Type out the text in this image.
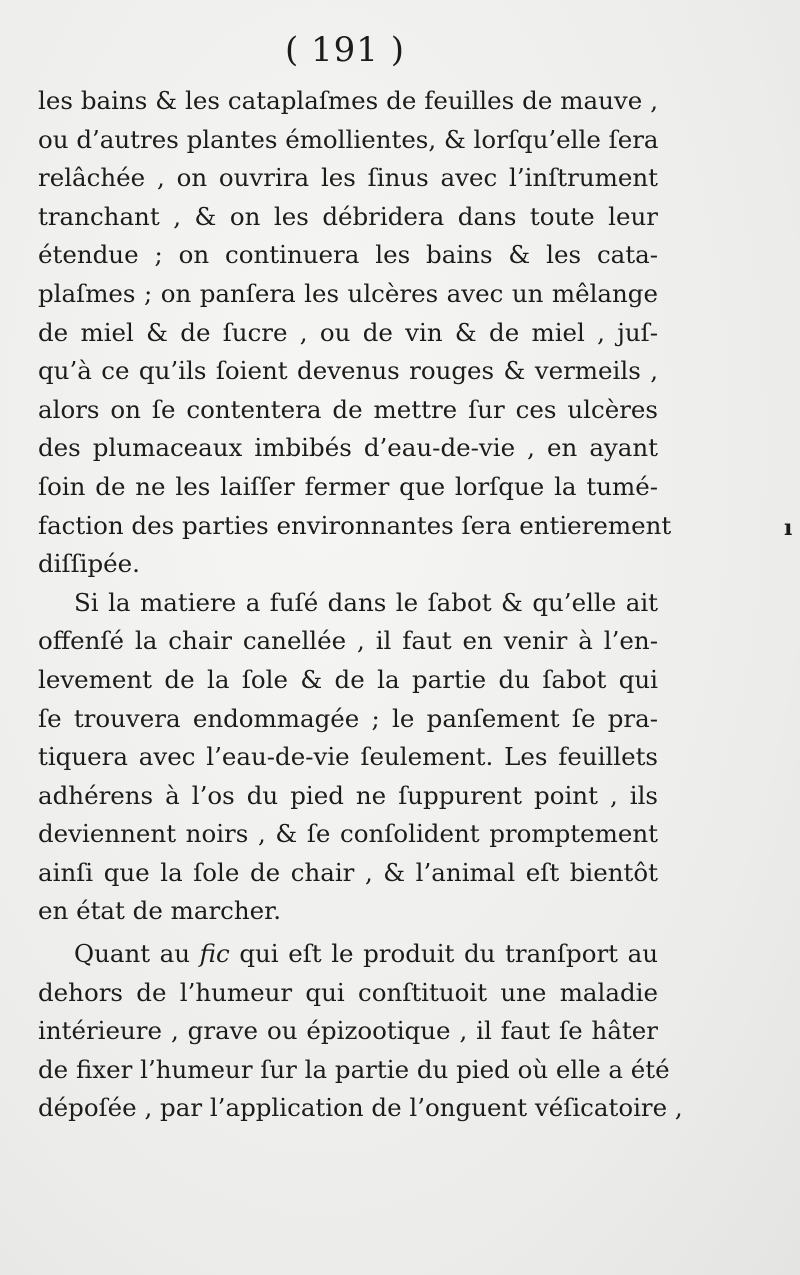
( 191 )
les bains & les cataplaſmes de feuilles de mauve ,
ou d’autres plantes émollientes, & lorſqu’elle ſera
relâchée , on ouvrira les ſinus avec l’inſtrument
tranchant , & on les débridera dans toute leur
étendue ; on continuera les bains & les cata-
plaſmes ; on panſera les ulcères avec un mêlange
de miel & de ſucre , ou de vin & de miel , juſ-
qu’à ce qu’ils ſoient devenus rouges & vermeils ,
alors on ſe contentera de mettre ſur ces ulcères
des plumaceaux imbibés d’eau-de-vie , en ayant
ſoin de ne les laiſſer fermer que lorſque la tumé-
faction des parties environnantes ſera entierement
diſſipée.
Si la matiere a fuſé dans le ſabot & qu’elle ait
offenſé la chair canellée , il faut en venir à l’en-
levement de la ſole & de la partie du ſabot qui
ſe trouvera endommagée ; le panſement ſe pra-
tiquera avec l’eau-de-vie ſeulement. Les feuillets
adhérens à l’os du pied ne ſuppurent point , ils
deviennent noirs , & ſe conſolident promptement
ainſi que la ſole de chair , & l’animal eſt bientôt
en état de marcher.
Quant au fic qui eſt le produit du tranſport au
dehors de l’humeur qui conſtituoit une maladie
intérieure , grave ou épizootique , il faut ſe hâter
de fixer l’humeur ſur la partie du pied où elle a été
dépoſée , par l’application de l’onguent véſicatoire ,
ı
